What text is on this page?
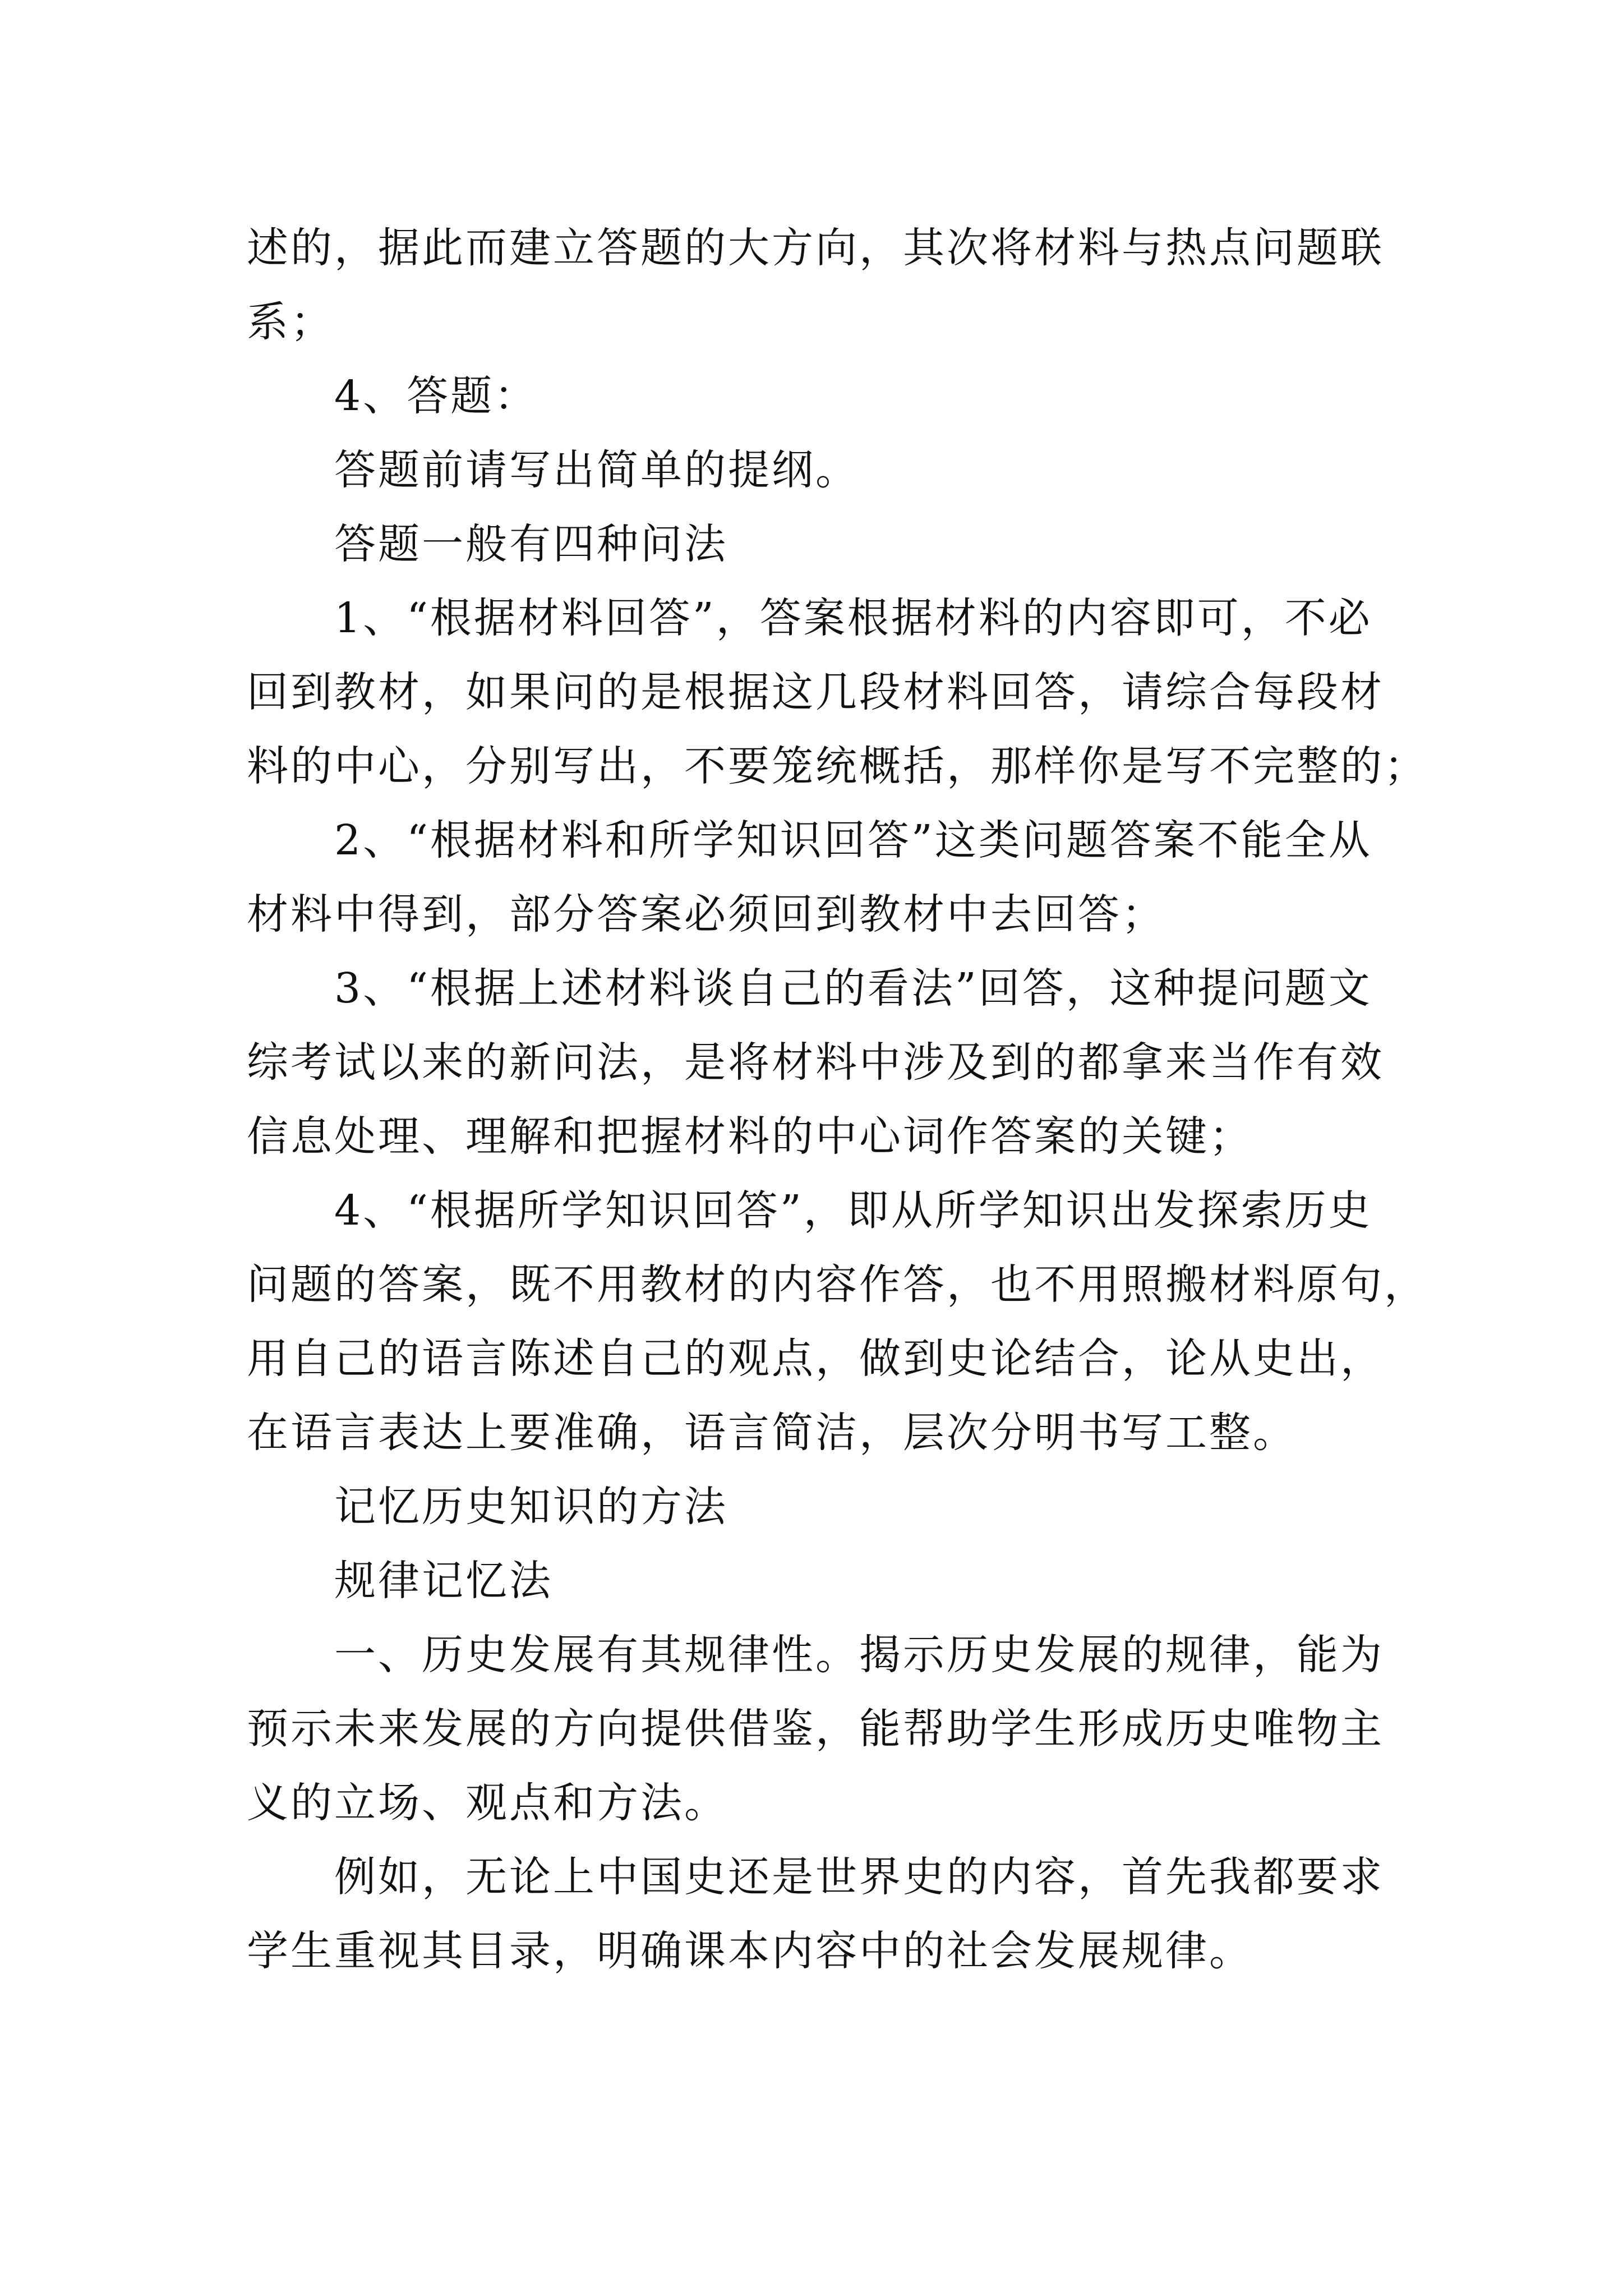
述的，据此而建立答题的大方向，其次将材料与热点问题联
系；
4、答题：
答题前请写出简单的提纲。
答题一般有四种问法
1、“根据材料回答”，答案根据材料的内容即可，不必
回到教材，如果问的是根据这几段材料回答，请综合每段材
料的中心，分别写出，不要笼统概括，那样你是写不完整的；
2、“根据材料和所学知识回答”这类问题答案不能全从
材料中得到，部分答案必须回到教材中去回答；
3、“根据上述材料谈自己的看法”回答，这种提问题文
综考试以来的新问法，是将材料中涉及到的都拿来当作有效
信息处理、理解和把握材料的中心词作答案的关键；
4、“根据所学知识回答”，即从所学知识出发探索历史
问题的答案，既不用教材的内容作答，也不用照搬材料原句，
用自己的语言陈述自己的观点，做到史论结合，论从史出，
在语言表达上要准确，语言简洁，层次分明书写工整。
记忆历史知识的方法
规律记忆法
一、历史发展有其规律性。揭示历史发展的规律，能为
预示未来发展的方向提供借鉴，能帮助学生形成历史唯物主
义的立场、观点和方法。
例如，无论上中国史还是世界史的内容，首先我都要求
学生重视其目录，明确课本内容中的社会发展规律。
